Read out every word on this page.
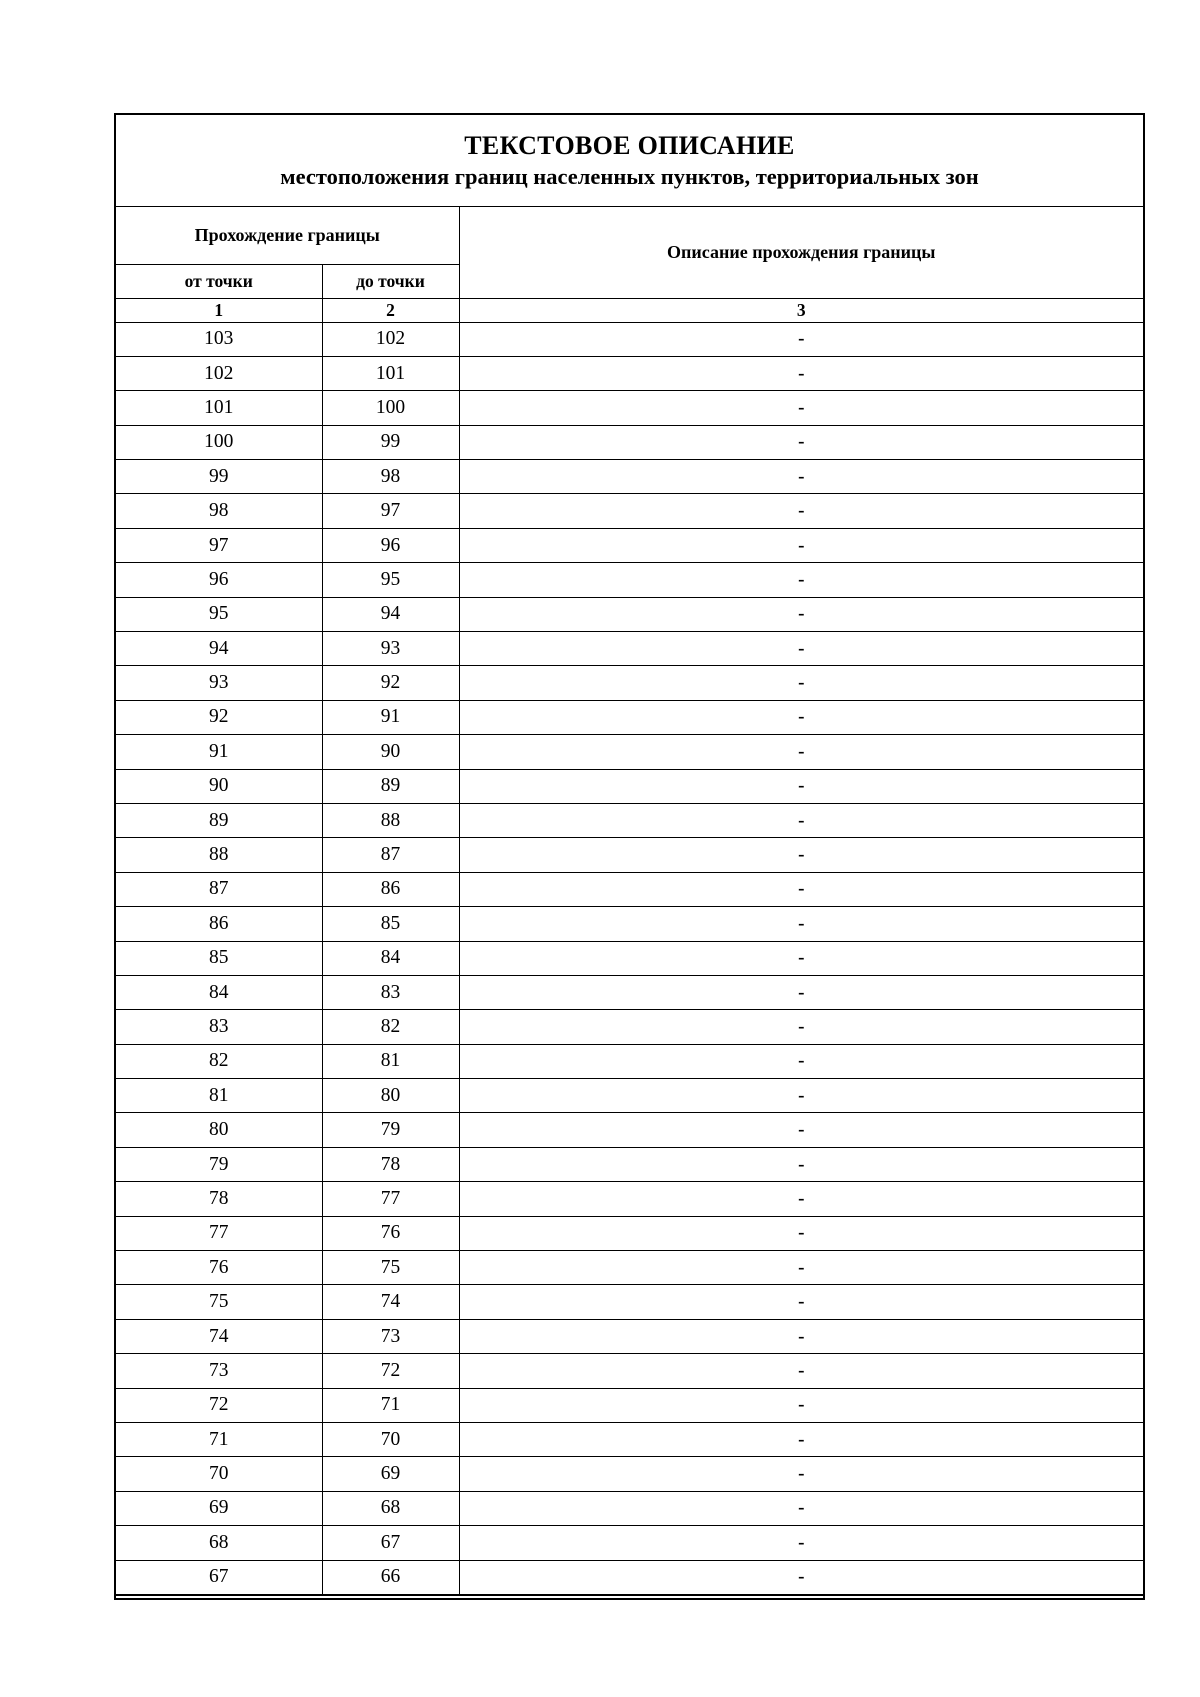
ТЕКСТОВОЕ ОПИСАНИЕ
местоположения границ населенных пунктов, территориальных зон
Прохождение границы		Описание прохождения границы
от точки	до точки	
1	2	3
103	102	-
102	101	-
101	100	-
100	99	-
99	98	-
98	97	-
97	96	-
96	95	-
95	94	-
94	93	-
93	92	-
92	91	-
91	90	-
90	89	-
89	88	-
88	87	-
87	86	-
86	85	-
85	84	-
84	83	-
83	82	-
82	81	-
81	80	-
80	79	-
79	78	-
78	77	-
77	76	-
76	75	-
75	74	-
74	73	-
73	72	-
72	71	-
71	70	-
70	69	-
69	68	-
68	67	-
67	66	-
